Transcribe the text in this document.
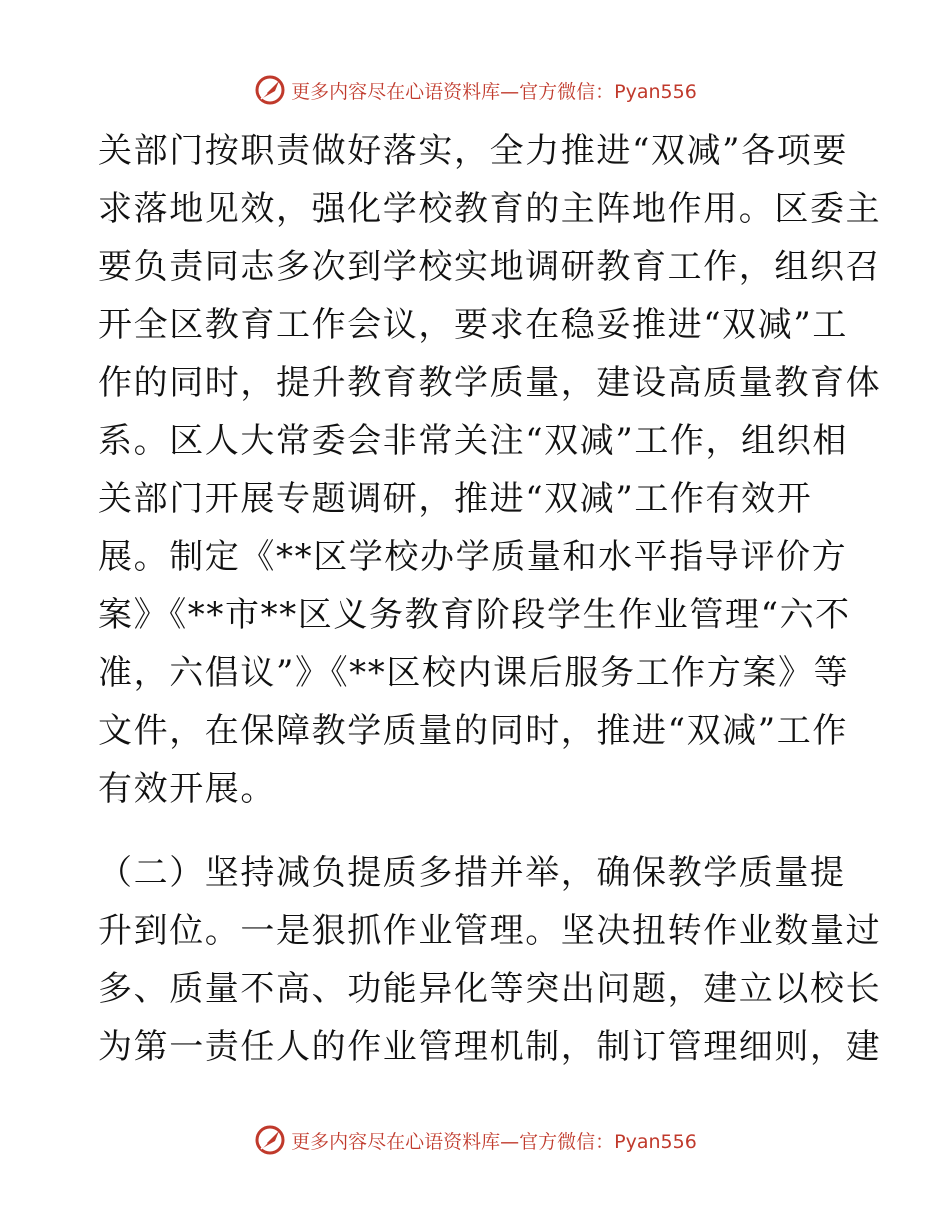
更多内容尽在心语资料库—官方微信：Pyan556
关部门按职责做好落实，全力推进“双减”各项要
求落地见效，强化学校教育的主阵地作用。区委主
要负责同志多次到学校实地调研教育工作，组织召
开全区教育工作会议，要求在稳妥推进“双减”工
作的同时，提升教育教学质量，建设高质量教育体
系。区人大常委会非常关注“双减”工作，组织相
关部门开展专题调研，推进“双减”工作有效开
展。制定《**区学校办学质量和水平指导评价方
案》《**市**区义务教育阶段学生作业管理“六不
准，六倡议”》《**区校内课后服务工作方案》等
文件，在保障教学质量的同时，推进“双减”工作
有效开展。
（二）坚持减负提质多措并举，确保教学质量提
升到位。一是狠抓作业管理。坚决扭转作业数量过
多、质量不高、功能异化等突出问题，建立以校长
为第一责任人的作业管理机制，制订管理细则，建
更多内容尽在心语资料库—官方微信：Pyan556
